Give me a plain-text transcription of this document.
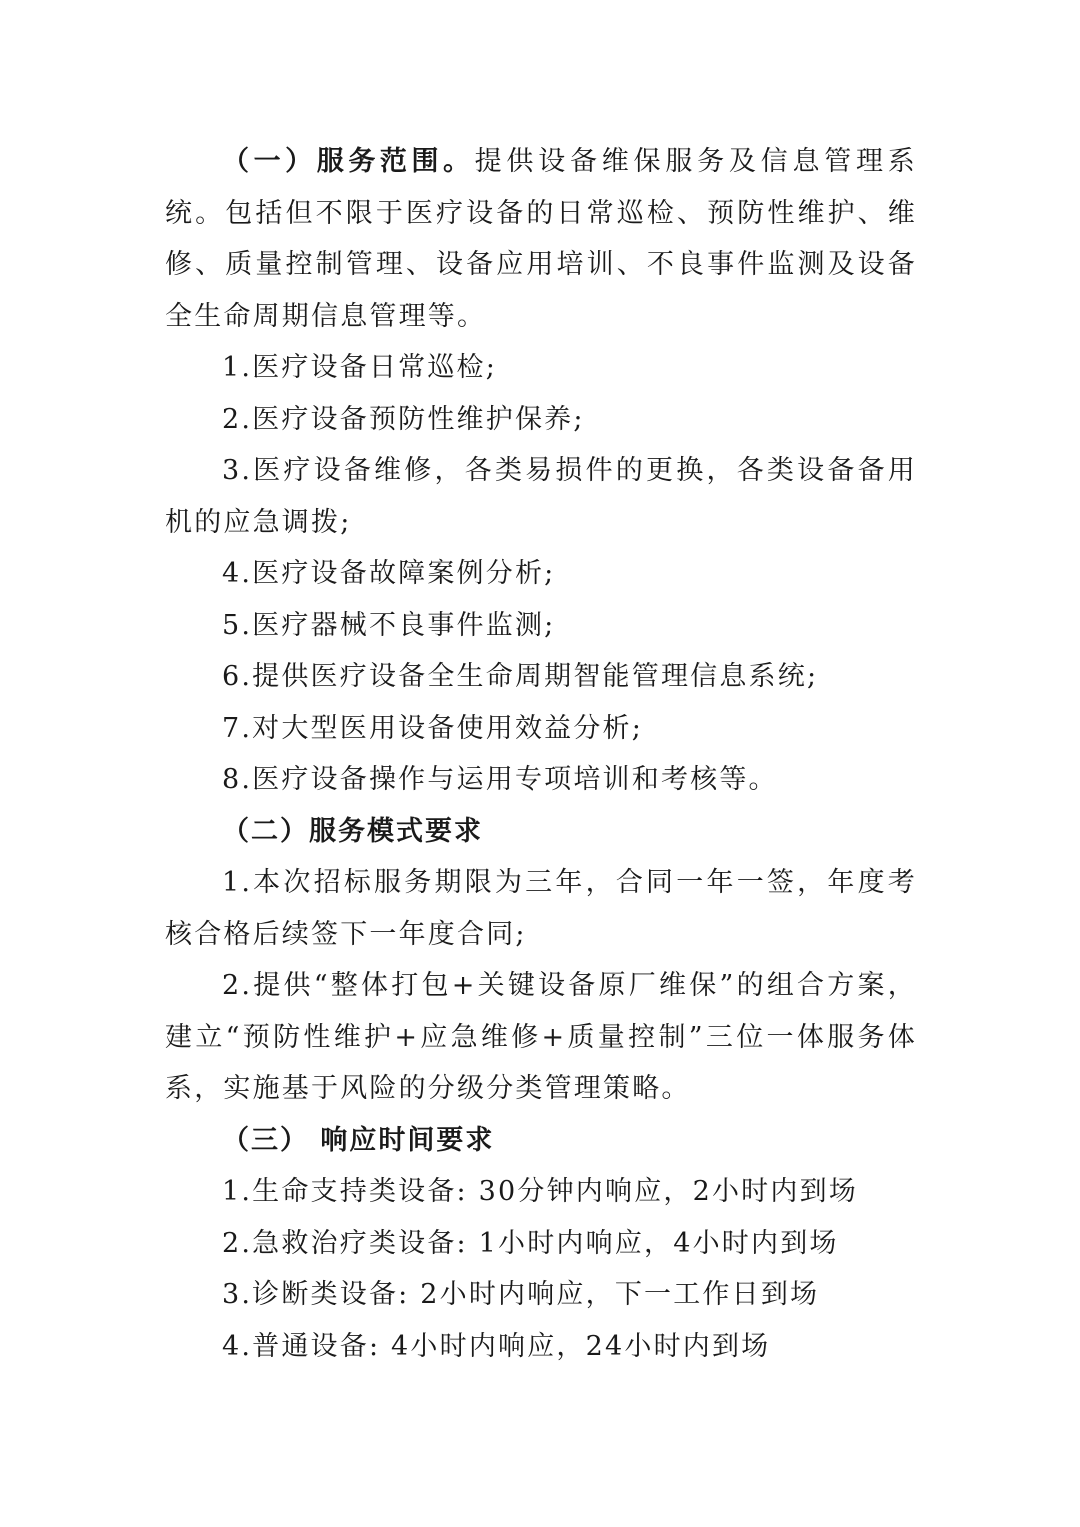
（一）服务范围。提供设备维保服务及信息管理系统。包括但不限于医疗设备的日常巡检、预防性维护、维修、质量控制管理、设备应用培训、不良事件监测及设备全生命周期信息管理等。

1.医疗设备日常巡检;

2.医疗设备预防性维护保养;

3.医疗设备维修，各类易损件的更换，各类设备备用机的应急调拨;

4.医疗设备故障案例分析;

5.医疗器械不良事件监测;

6.提供医疗设备全生命周期智能管理信息系统;

7.对大型医用设备使用效益分析;

8.医疗设备操作与运用专项培训和考核等。

（二）服务模式要求

1.本次招标服务期限为三年，合同一年一签，年度考核合格后续签下一年度合同;

2.提供“整体打包+关键设备原厂维保”的组合方案，建立“预防性维护+应急维修+质量控制”三位一体服务体系，实施基于风险的分级分类管理策略。

（三） 响应时间要求

1.生命支持类设备: 30分钟内响应，2小时内到场

2.急救治疗类设备: 1小时内响应，4小时内到场

3.诊断类设备: 2小时内响应，下一工作日到场

4.普通设备: 4小时内响应，24小时内到场
